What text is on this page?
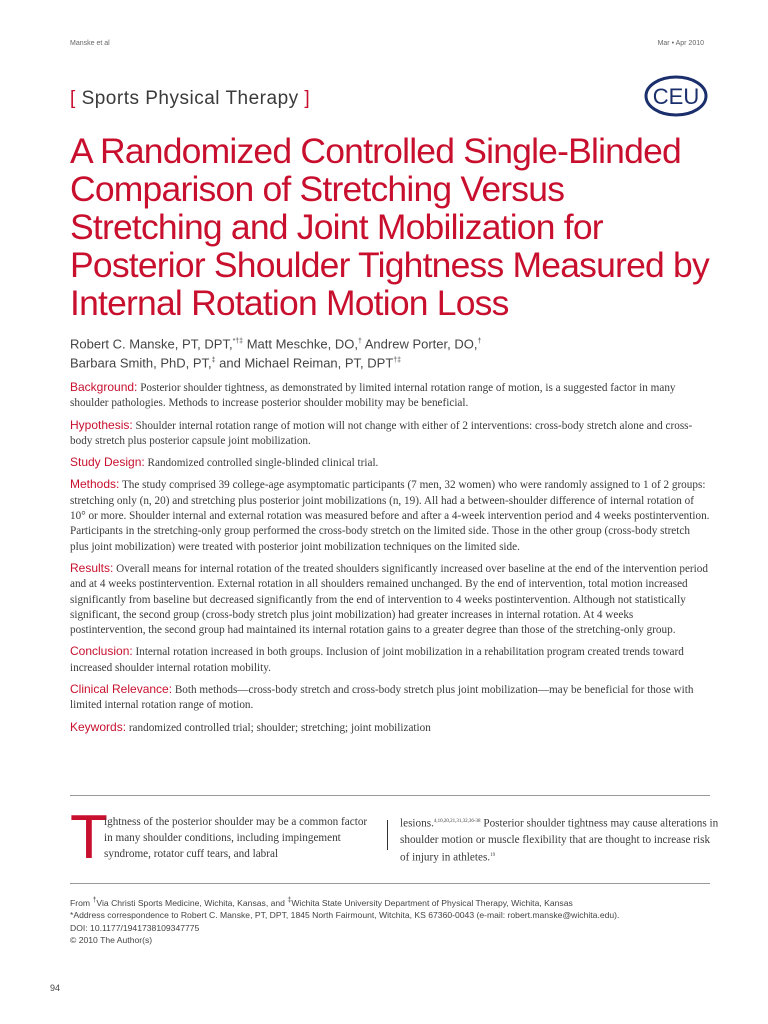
Manske et al	Mar • Apr 2010
[ Sports Physical Therapy ]	CEU
A Randomized Controlled Single-Blinded Comparison of Stretching Versus Stretching and Joint Mobilization for Posterior Shoulder Tightness Measured by Internal Rotation Motion Loss
Robert C. Manske, PT, DPT,*†‡ Matt Meschke, DO,† Andrew Porter, DO,†
Barbara Smith, PhD, PT,‡ and Michael Reiman, PT, DPT†‡

Background: Posterior shoulder tightness, as demonstrated by limited internal rotation range of motion, is a suggested factor in many shoulder pathologies. Methods to increase posterior shoulder mobility may be beneficial.

Hypothesis: Shoulder internal rotation range of motion will not change with either of 2 interventions: cross-body stretch alone and cross-body stretch plus posterior capsule joint mobilization.

Study Design: Randomized controlled single-blinded clinical trial.

Methods: The study comprised 39 college-age asymptomatic participants (7 men, 32 women) who were randomly assigned to 1 of 2 groups: stretching only (n, 20) and stretching plus posterior joint mobilizations (n, 19). All had a between-shoulder difference of internal rotation of 10° or more. Shoulder internal and external rotation was measured before and after a 4-week intervention period and 4 weeks postintervention. Participants in the stretching-only group performed the cross-body stretch on the limited side. Those in the other group (cross-body stretch plus joint mobilization) were treated with posterior joint mobilization techniques on the limited side.

Results: Overall means for internal rotation of the treated shoulders significantly increased over baseline at the end of the intervention period and at 4 weeks postintervention. External rotation in all shoulders remained unchanged. By the end of intervention, total motion increased significantly from baseline but decreased significantly from the end of intervention to 4 weeks postintervention. Although not statistically significant, the second group (cross-body stretch plus joint mobilization) had greater increases in internal rotation. At 4 weeks postintervention, the second group had maintained its internal rotation gains to a greater degree than those of the stretching-only group.

Conclusion: Internal rotation increased in both groups. Inclusion of joint mobilization in a rehabilitation program created trends toward increased shoulder internal rotation mobility.

Clinical Relevance: Both methods—cross-body stretch and cross-body stretch plus joint mobilization—may be beneficial for those with limited internal rotation range of motion.

Keywords: randomized controlled trial; shoulder; stretching; joint mobilization

T

ightness of the posterior shoulder may be a common factor in many shoulder conditions, including impingement syndrome, rotator cuff tears, and labral

lesions.$^{4,10,20,21,31,32,36-38}$ Posterior shoulder tightness may cause alterations in shoulder motion or muscle flexibility that are thought to increase risk of injury in athletes.$^{19}$
From †Via Christi Sports Medicine, Wichita, Kansas, and ‡Wichita State University Department of Physical Therapy, Wichita, Kansas
*Address correspondence to Robert C. Manske, PT, DPT, 1845 North Fairmount, Witchita, KS 67360-0043 (e-mail: robert.manske@wichita.edu).
DOI: 10.1177/1941738109347775
© 2010 The Author(s)
94
